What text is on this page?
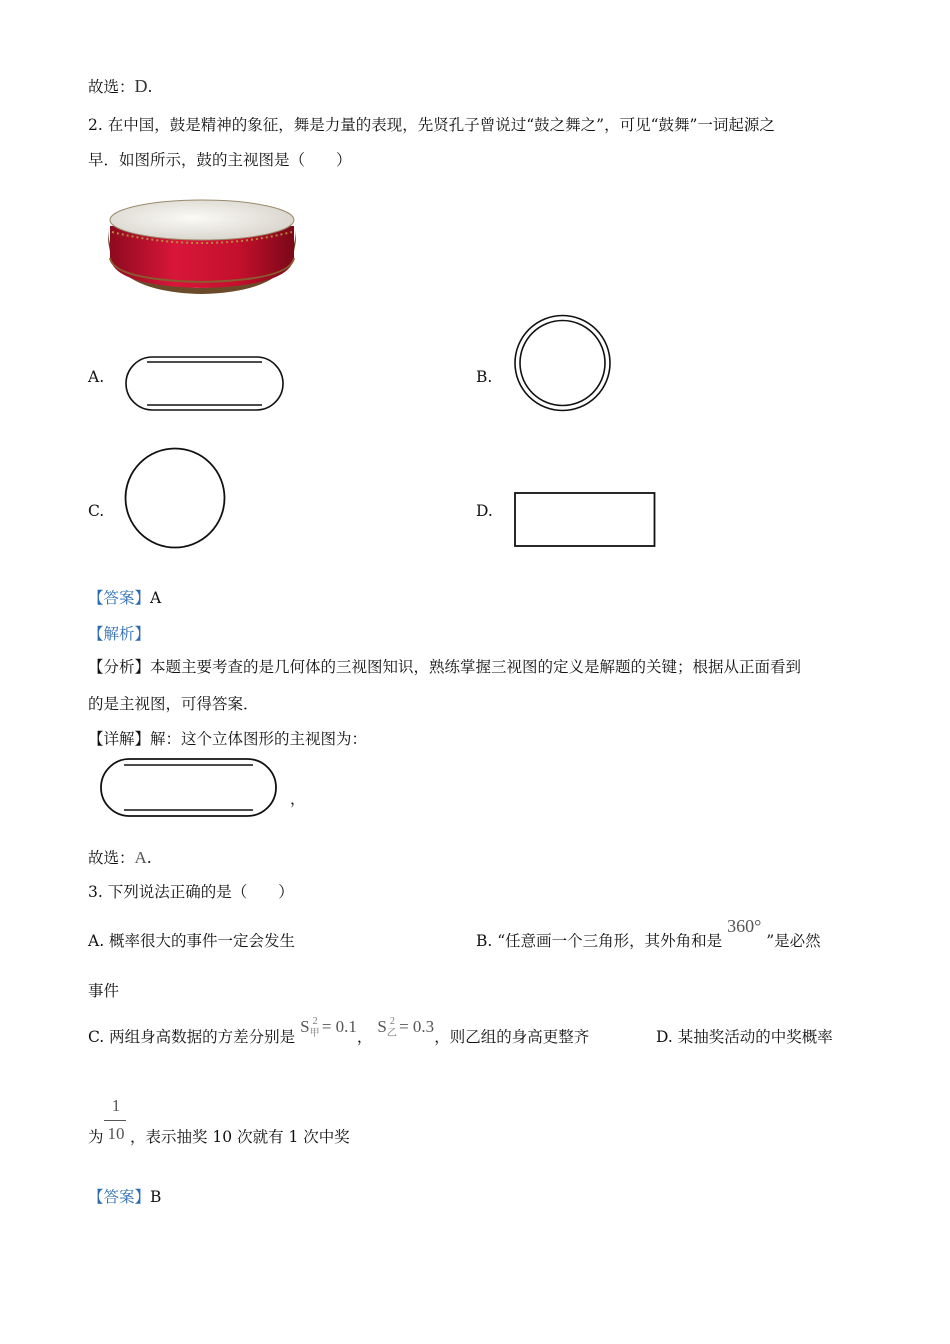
故选：D.
2. 在中国，鼓是精神的象征，舞是力量的表现，先贤孔子曾说过“鼓之舞之”，可见“鼓舞”一词起源之
早．如图所示，鼓的主视图是（　　）
A.	B.
C.	D.
【答案】A
【解析】
【分析】本题主要考查的是几何体的三视图知识，熟练掌握三视图的定义是解题的关键；根据从正面看到
的是主视图，可得答案．
【详解】解：这个立体图形的主视图为：
，
故选：A.
3. 下列说法正确的是（　　）
A. 概率很大的事件一定会发生	B. “任意画一个三角形，其外角和是 360° ”是必然
事件
C. 两组身高数据的方差分别是 $S_甲^2 = 0.1$， $S_乙^2 = 0.3$，则乙组的身高更整齐	D. 某抽奖活动的中奖概率
为
1
10 ，表示抽奖 10 次就有 1 次中奖
【答案】B
